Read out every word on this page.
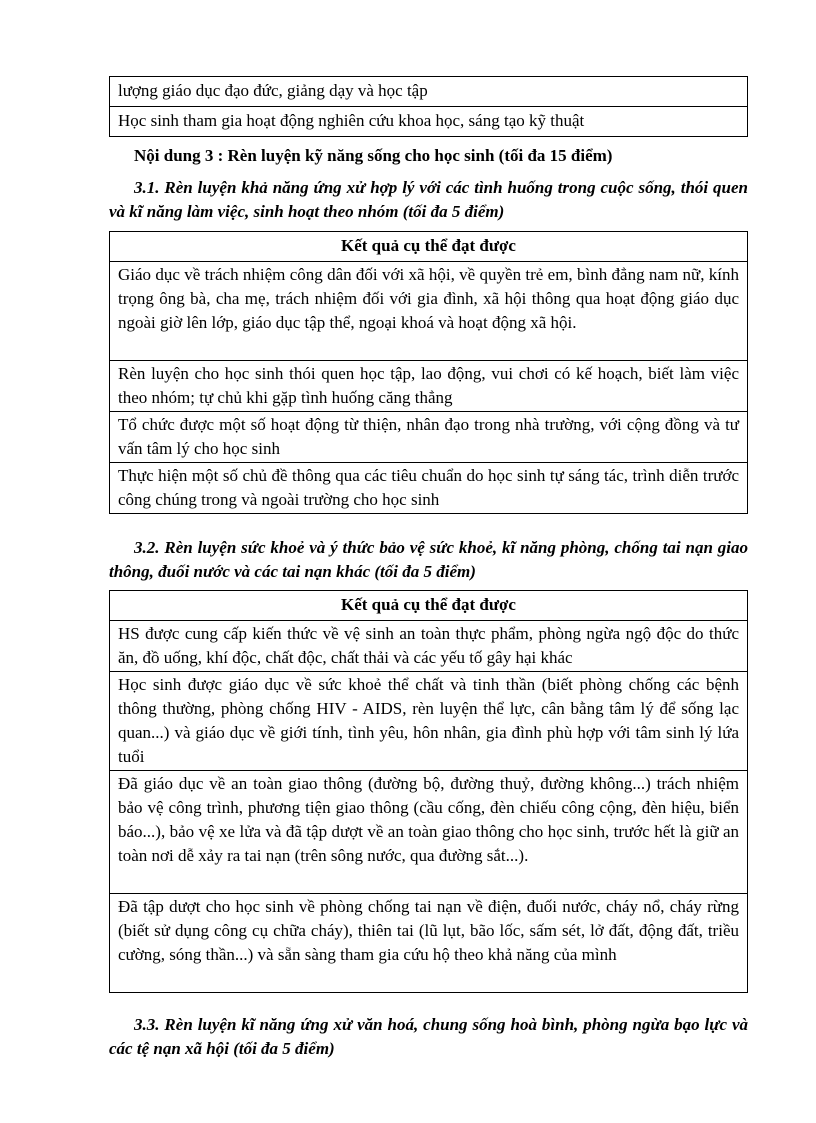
lượng giáo dục đạo đức, giảng dạy và học tập
Học sinh tham gia hoạt động nghiên cứu khoa học, sáng tạo kỹ thuật
Nội dung 3 : Rèn luyện kỹ năng sống cho học sinh (tối đa 15 điểm)
3.1. Rèn luyện khả năng ứng xử hợp lý với các tình huống trong cuộc sống, thói quen và kĩ năng làm việc, sinh hoạt theo nhóm (tối đa 5 điểm)
Kết quả cụ thể đạt được
Giáo dục về trách nhiệm công dân đối với xã hội, về quyền trẻ em, bình đẳng nam nữ, kính trọng ông bà, cha mẹ, trách nhiệm đối với gia đình, xã hội thông qua hoạt động giáo dục ngoài giờ lên lớp, giáo dục tập thể, ngoại khoá và hoạt động xã hội.
Rèn luyện cho học sinh thói quen học tập, lao động, vui chơi có kế hoạch, biết làm việc theo nhóm; tự chủ khi gặp tình huống căng thẳng
Tổ chức được một số hoạt động từ thiện, nhân đạo trong nhà trường, với cộng đồng và tư vấn tâm lý cho học sinh
Thực hiện một số chủ đề thông qua các tiêu chuẩn do học sinh tự sáng tác, trình diễn trước công chúng trong và ngoài trường cho học sinh
3.2. Rèn luyện sức khoẻ và ý thức bảo vệ sức khoẻ, kĩ năng phòng, chống tai nạn giao thông, đuối nước và các tai nạn khác (tối đa 5 điểm)
Kết quả cụ thể đạt được
HS được cung cấp kiến thức về vệ sinh an toàn thực phẩm, phòng ngừa ngộ độc do thức ăn, đồ uống, khí độc, chất độc, chất thải và các yếu tố gây hại khác
Học sinh được giáo dục về sức khoẻ thể chất và tinh thần (biết phòng chống các bệnh thông thường, phòng chống HIV - AIDS, rèn luyện thể lực, cân bằng tâm lý để sống lạc quan...) và giáo dục về giới tính, tình yêu, hôn nhân, gia đình phù hợp với tâm sinh lý lứa tuổi
Đã giáo dục về an toàn giao thông (đường bộ, đường thuỷ, đường không...) trách nhiệm bảo vệ công trình, phương tiện giao thông (cầu cống, đèn chiếu công cộng, đèn hiệu, biển báo...), bảo vệ xe lửa và đã tập dượt về an toàn giao thông cho học sinh, trước hết là giữ an toàn nơi dễ xảy ra tai nạn (trên sông nước, qua đường sắt...).
Đã tập dượt cho học sinh về phòng chống tai nạn về điện, đuối nước, cháy nổ, cháy rừng (biết sử dụng công cụ chữa cháy), thiên tai (lũ lụt, bão lốc, sấm sét, lở đất, động đất, triều cường, sóng thần...) và sẵn sàng tham gia cứu hộ theo khả năng của mình
3.3. Rèn luyện kĩ năng ứng xử văn hoá, chung sống hoà bình, phòng ngừa bạo lực và các tệ nạn xã hội (tối đa 5 điểm)
